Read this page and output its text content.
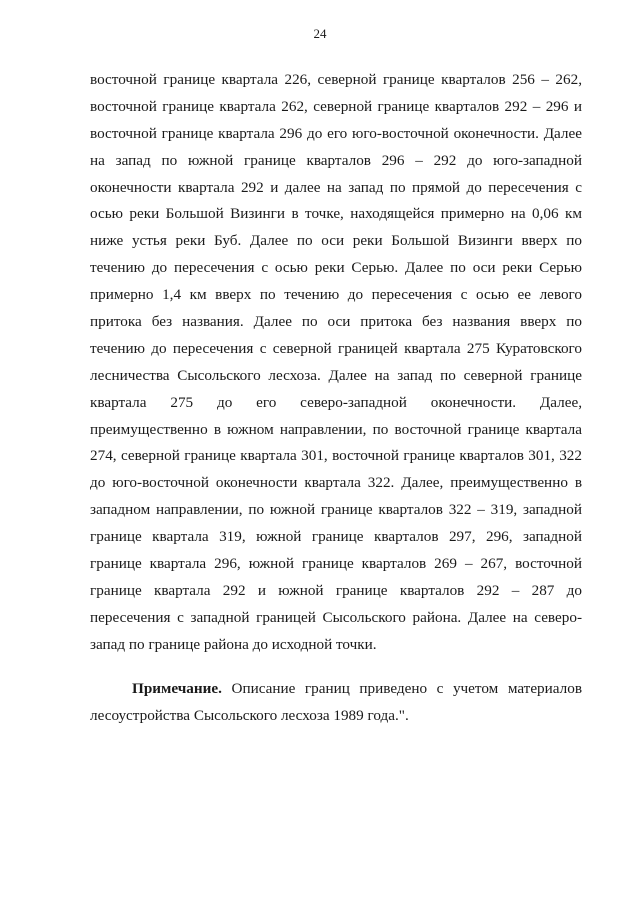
24
восточной границе квартала 226, северной границе кварталов 256 – 262,
восточной границе квартала 262, северной границе кварталов 292 – 296 и
восточной границе квартала 296 до его юго-восточной оконечности. Далее
на запад по южной границе кварталов 296 – 292 до юго-западной
оконечности квартала 292 и далее на запад по прямой до пересечения с
осью реки Большой Визинги в точке, находящейся примерно на 0,06 км
ниже устья реки Буб. Далее по оси реки Большой Визинги вверх по
течению до пересечения с осью реки Серью. Далее по оси реки Серью
примерно 1,4 км вверх по течению до пересечения с осью ее левого
притока без названия. Далее по оси притока без названия вверх по
течению до пересечения с северной границей квартала 275 Куратовского
лесничества Сысольского лесхоза. Далее на запад по северной границе
квартала 275 до его северо-западной оконечности. Далее,
преимущественно в южном направлении, по восточной границе квартала
274, северной границе квартала 301, восточной границе кварталов 301, 322
до юго-восточной оконечности квартала 322. Далее, преимущественно в
западном направлении, по южной границе кварталов 322 – 319, западной
границе квартала 319, южной границе кварталов 297, 296, западной
границе квартала 296, южной границе кварталов 269 – 267, восточной
границе квартала 292 и южной границе кварталов 292 – 287 до
пересечения с западной границей Сысольского района. Далее на северо-
запад по границе района до исходной точки.
Примечание. Описание границ приведено с учетом материалов
лесоустройства Сысольского лесхоза 1989 года.".
